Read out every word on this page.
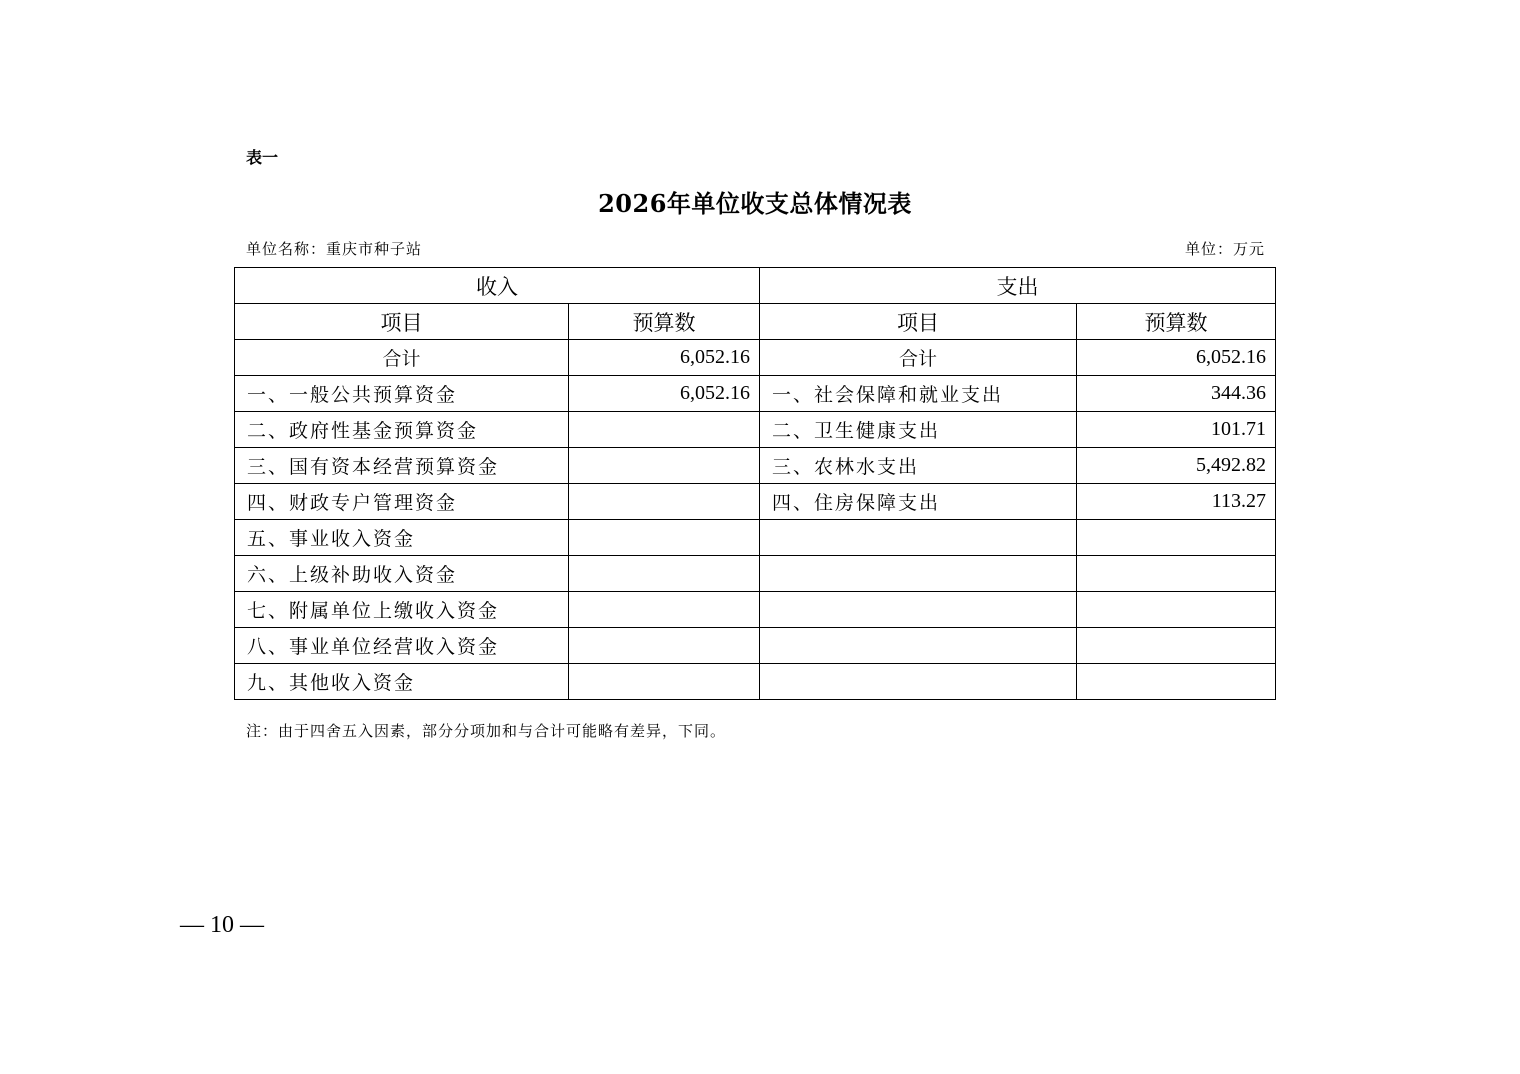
表一
2026年单位收支总体情况表
单位名称：重庆市种子站	单位：万元
收入		支出	
项目	预算数	项目	预算数
合计	6,052.16	合计	6,052.16
一、一般公共预算资金	6,052.16	一、社会保障和就业支出	344.36
二、政府性基金预算资金		二、卫生健康支出	101.71
三、国有资本经营预算资金		三、农林水支出	5,492.82
四、财政专户管理资金		四、住房保障支出	113.27
五、事业收入资金			
六、上级补助收入资金			
七、附属单位上缴收入资金			
八、事业单位经营收入资金			
九、其他收入资金			
注：由于四舍五入因素，部分分项加和与合计可能略有差异，下同。
— 10 —
